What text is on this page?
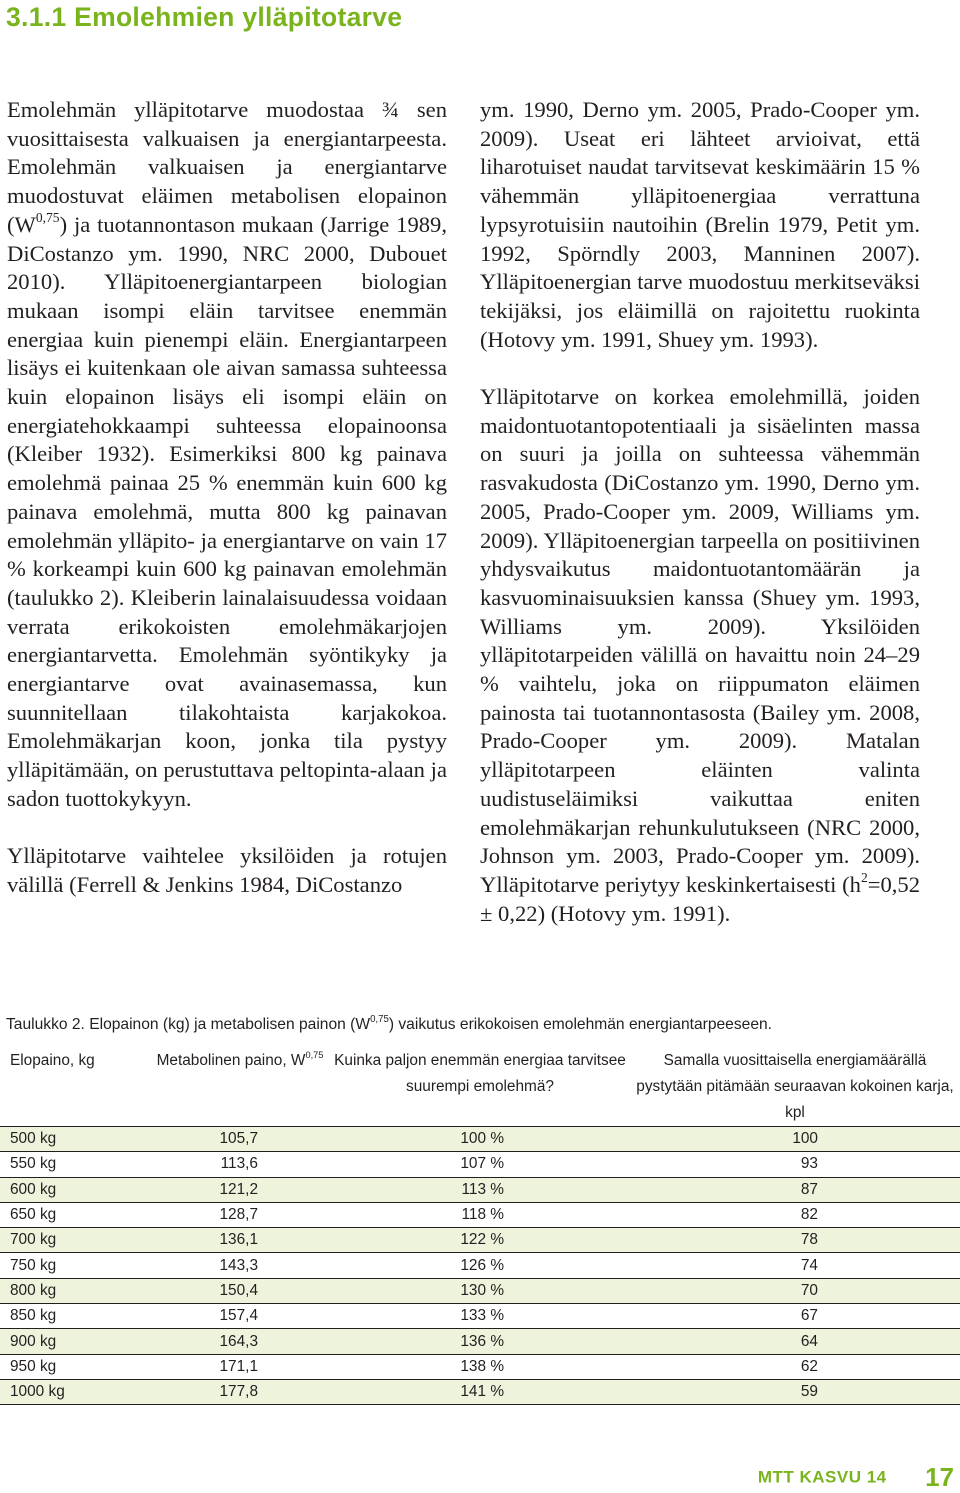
3.1.1 Emolehmien ylläpitotarve

Emolehmän ylläpitotarve muodostaa ¾ sen vuosittaisesta valkuaisen ja energiantarpeesta. Emolehmän valkuaisen ja energiantarve muodostuvat eläimen metabolisen elopainon $(W^{0,75})$ ja tuotannontason mukaan (Jarrige 1989, DiCostanzo ym. 1990, NRC 2000, Dubouet 2010). Ylläpitoenergiantarpeen biologian mukaan isompi eläin tarvitsee enemmän energiaa kuin pienempi eläin. Energiantarpeen lisäys ei kuitenkaan ole aivan samassa suhteessa kuin elopainon lisäys eli isompi eläin on energiatehokkaampi suhteessa elopainoonsa (Kleiber 1932). Esimerkiksi 800 kg painava emolehmä painaa 25 % enemmän kuin 600 kg painava emolehmä, mutta 800 kg painavan emolehmän ylläpito- ja energiantarve on vain 17 % korkeampi kuin 600 kg painavan emolehmän (taulukko 2). Kleiberin lainalaisuudessa voidaan verrata erikokoisten emolehmäkarjojen energiantarvetta. Emolehmän syöntikyky ja energiantarve ovat avainasemassa, kun suunnitellaan tilakohtaista karjakokoa. Emolehmäkarjan koon, jonka tila pystyy ylläpitämään, on perustuttava peltopinta-alaan ja sadon tuottokykyyn.

Ylläpitotarve vaihtelee yksilöiden ja rotujen välillä (Ferrell & Jenkins 1984, DiCostanzo

ym. 1990, Derno ym. 2005, Prado-Cooper ym. 2009). Useat eri lähteet arvioivat, että liharotuiset naudat tarvitsevat keskimäärin 15 % vähemmän ylläpitoenergiaa verrattuna lypsyrotuisiin nautoihin (Brelin 1979, Petit ym. 1992, Spörndly 2003, Manninen 2007). Ylläpitoenergian tarve muodostuu merkitseväksi tekijäksi, jos eläimillä on rajoitettu ruokinta (Hotovy ym. 1991, Shuey ym. 1993).

Ylläpitotarve on korkea emolehmillä, joiden maidontuotantopotentiaali ja sisäelinten massa on suuri ja joilla on suhteessa vähemmän rasvakudosta (DiCostanzo ym. 1990, Derno ym. 2005, Prado-Cooper ym. 2009, Williams ym. 2009). Ylläpitoenergian tarpeella on positiivinen yhdysvaikutus maidontuotantomäärän ja kasvuominaisuuksien kanssa (Shuey ym. 1993, Williams ym. 2009). Yksilöiden ylläpitotarpeiden välillä on havaittu noin 24–29 % vaihtelu, joka on riippumaton eläimen painosta tai tuotannontasosta (Bailey ym. 2008, Prado-Cooper ym. 2009). Matalan ylläpitotarpeen eläinten valinta uudistuseläimiksi vaikuttaa eniten emolehmäkarjan rehunkulutukseen (NRC 2000, Johnson ym. 2003, Prado-Cooper ym. 2009). Ylläpitotarve periytyy keskinkertaisesti $(h^2=0,52 \pm 0,22)$ (Hotovy ym. 1991).

Taulukko 2. Elopainon (kg) ja metabolisen painon $(W^{0,75})$ vaikutus erikokoisen emolehmän energiantarpeeseen.
Elopaino, kg	Metabolinen paino, W$^{0,75}$	Kuinka paljon enemmän energiaa tarvitsee suurempi emolehmä?	Samalla vuosittaisella energiamäärällä pystytään pitämään seuraavan kokoinen karja, kpl
500 kg	105,7	100 %	100
550 kg	113,6	107 %	93
600 kg	121,2	113 %	87
650 kg	128,7	118 %	82
700 kg	136,1	122 %	78
750 kg	143,3	126 %	74
800 kg	150,4	130 %	70
850 kg	157,4	133 %	67
900 kg	164,3	136 %	64
950 kg	171,1	138 %	62
1000 kg	177,8	141 %	59
MTT KASVU 14 17
